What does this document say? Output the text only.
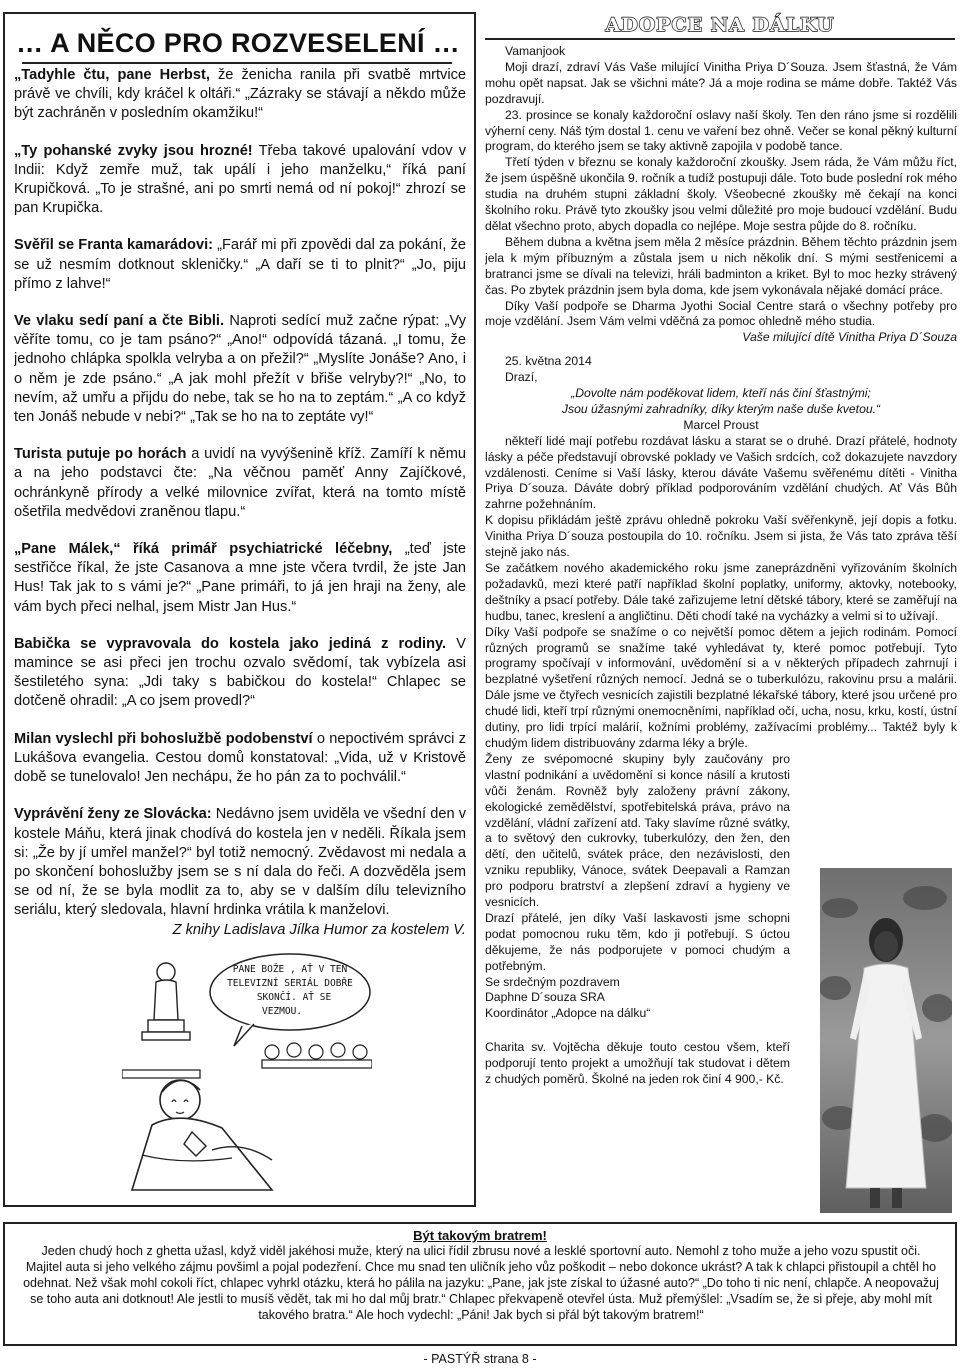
… A NĚCO PRO ROZVESELENÍ …

„Tadyhle čtu, pane Herbst, že ženicha ranila při svatbě mrtvice právě ve chvíli, kdy kráčel k oltáři.“ „Zázraky se stávají a někdo může být zachráněn v posledním okamžiku!“

„Ty pohanské zvyky jsou hrozné! Třeba takové upalování vdov v Indii: Když zemře muž, tak upálí i jeho manželku,“ říká paní Krupičková. „To je strašné, ani po smrti nemá od ní pokoj!“ zhrozí se pan Krupička.

Svěřil se Franta kamarádovi: „Farář mi při zpovědi dal za pokání, že se už nesmím dotknout skleničky.“ „A daří se ti to plnit?“ „Jo, piju přímo z lahve!“

Ve vlaku sedí paní a čte Bibli. Naproti sedící muž začne rýpat: „Vy věříte tomu, co je tam psáno?“ „Ano!“ odpovídá tázaná. „I tomu, že jednoho chlápka spolkla velryba a on přežil?“ „Myslíte Jonáše? Ano, i o něm je zde psáno.“ „A jak mohl přežít v břiše velryby?!“ „No, to nevím, až umřu a přijdu do nebe, tak se ho na to zeptám.“ „A co když ten Jonáš nebude v nebi?“ „Tak se ho na to zeptáte vy!“

Turista putuje po horách a uvidí na vyvýšenině kříž. Zamíří k němu a na jeho podstavci čte: „Na věčnou paměť Anny Zajíčkové, ochránkyně přírody a velké milovnice zvířat, která na tomto místě ošetřila medvědovi zraněnou tlapu.“

„Pane Málek,“ říká primář psychiatrické léčebny, „teď jste sestřičce říkal, že jste Casanova a mne jste včera tvrdil, že jste Jan Hus! Tak jak to s vámi je?“ „Pane primáři, to já jen hraji na ženy, ale vám bych přeci nelhal, jsem Mistr Jan Hus.“

Babička se vypravovala do kostela jako jediná z rodiny. V mamince se asi přeci jen trochu ozvalo svědomí, tak vybízela asi šestiletého syna: „Jdi taky s babičkou do kostela!“ Chlapec se dotčeně ohradil: „A co jsem provedl?“

Milan vyslechl při bohoslužbě podobenství o nepoctivém správci z Lukášova evangelia. Cestou domů konstatoval: „Vida, už v Kristově době se tunelovalo! Jen nechápu, že ho pán za to pochválil.“

Vyprávění ženy ze Slovácka: Nedávno jsem uviděla ve všední den v kostele Máňu, která jinak chodívá do kostela jen v neděli. Říkala jsem si: „Že by jí umřel manžel?“ byl totiž nemocný. Zvědavost mi nedala a po skončení bohoslužby jsem se s ní dala do řeči. A dozvěděla jsem se od ní, že se byla modlit za to, aby se v dalším dílu televizního seriálu, který sledovala, hlavní hrdinka vrátila k manželovi.

Z knihy Ladislava Jílka Humor za kostelem V.

PANE BOŽE , AŤ V TEN
TELEVIZNÍ SERIÁL DOBŘE
SKONČÍ. AŤ SE
VEZMOU.
ADOPCE NA DÁLKU

Vamanjook

Moji drazí, zdraví Vás Vaše milující Vinitha Priya D´Souza. Jsem šťastná, že Vám mohu opět napsat. Jak se všichni máte? Já a moje rodina se máme dobře. Taktéž Vás pozdravují.

23. prosince se konaly každoroční oslavy naší školy. Ten den ráno jsme si rozdělili výherní ceny. Náš tým dostal 1. cenu ve vaření bez ohně. Večer se konal pěkný kulturní program, do kterého jsem se taky aktivně zapojila v podobě tance.

Třetí týden v březnu se konaly každoroční zkoušky. Jsem ráda, že Vám můžu říct, že jsem úspěšně ukončila 9. ročník a tudíž postupuji dále. Toto bude poslední rok mého studia na druhém stupni základní školy. Všeobecné zkoušky mě čekají na konci školního roku. Právě tyto zkoušky jsou velmi důležité pro moje budoucí vzdělání. Budu dělat všechno proto, abych dopadla co nejlépe. Moje sestra půjde do 8. ročníku.

Během dubna a května jsem měla 2 měsíce prázdnin. Během těchto prázdnin jsem jela k mým příbuzným a zůstala jsem u nich několik dní. S mými sestřenicemi a bratranci jsme se dívali na televizi, hráli badminton a kriket. Byl to moc hezky strávený čas. Po zbytek prázdnin jsem byla doma, kde jsem vykonávala nějaké domácí práce.

Díky Vaší podpoře se Dharma Jyothi Social Centre stará o všechny potřeby pro moje vzdělání. Jsem Vám velmi vděčná za pomoc ohledně mého studia.

Vaše milující dítě Vinitha Priya D´Souza

25. května 2014

Drazí,

„Dovolte nám poděkovat lidem, kteří nás činí šťastnými;

Jsou úžasnými zahradníky, díky kterým naše duše kvetou.“

Marcel Proust

někteří lidé mají potřebu rozdávat lásku a starat se o druhé. Drazí přátelé, hodnoty lásky a péče představují obrovské poklady ve Vašich srdcích, což dokazujete navzdory vzdálenosti. Ceníme si Vaší lásky, kterou dáváte Vašemu svěřenému dítěti - Vinitha Priya D´souza. Dáváte dobrý příklad podporováním vzdělání chudých. Ať Vás Bůh zahrne požehnáním.

K dopisu přikládám ještě zprávu ohledně pokroku Vaší svěřenkyně, její dopis a fotku. Vinitha Priya D´souza postoupila do 10. ročníku. Jsem si jista, že Vás tato zpráva těší stejně jako nás.

Se začátkem nového akademického roku jsme zaneprázdněni vyřizováním školních požadavků, mezi které patří například školní poplatky, uniformy, aktovky, notebooky, deštníky a psací potřeby. Dále také zařizujeme letní dětské tábory, které se zaměřují na hudbu, tanec, kreslení a angličtinu. Děti chodí také na vycházky a velmi si to užívají.

Díky Vaší podpoře se snažíme o co největší pomoc dětem a jejich rodinám. Pomocí různých programů se snažíme také vyhledávat ty, které pomoc potřebují. Tyto programy spočívají v informování, uvědomění si a v některých případech zahrnují i bezplatné vyšetření různých nemocí. Jedná se o tuberkulózu, rakovinu prsu a malárii. Dále jsme ve čtyřech vesnicích zajistili bezplatné lékařské tábory, které jsou určené pro chudé lidi, kteří trpí různými onemocněními, například očí, ucha, nosu, krku, kostí, ústní dutiny, pro lidi trpící malárií, kožními problémy, zažívacími problémy... Taktéž byly k chudým lidem distribuovány zdarma léky a brýle.

Ženy ze svépomocné skupiny byly zaučovány pro vlastní podnikání a uvědomění si konce násilí a krutosti vůči ženám. Rovněž byly založeny právní zákony, ekologické zemědělství, spotřebitelská práva, právo na vzdělání, vládní zařízení atd. Taky slavíme různé svátky, a to světový den cukrovky, tuberkulózy, den žen, den dětí, den učitelů, svátek práce, den nezávislosti, den vzniku republiky, Vánoce, svátek Deepavali a Ramzan pro podporu bratrství a zlepšení zdraví a hygieny ve vesnicích.

Drazí přátelé, jen díky Vaší laskavosti jsme schopni podat pomocnou ruku těm, kdo ji potřebují. S úctou děkujeme, že nás podporujete v pomoci chudým a potřebným.

Se srdečným pozdravem

Daphne D´souza SRA

Koordinátor „Adopce na dálku“

Charita sv. Vojtěcha děkuje touto cestou všem, kteří podporují tento projekt a umožňují tak studovat i dětem z chudých poměrů. Školné na jeden rok činí 4 900,- Kč.

Být takovým bratrem!
Jeden chudý hoch z ghetta užasl, když viděl jakéhosi muže, který na ulici řídil zbrusu nové a lesklé sportovní auto. Nemohl z toho muže a jeho vozu spustit oči. Majitel auta si jeho velkého zájmu povšiml a pojal podezření. Chce mu snad ten uličník jeho vůz poškodit – nebo dokonce ukrást? A tak k chlapci přistoupil a chtěl ho odehnat. Než však mohl cokoli říct, chlapec vyhrkl otázku, která ho pálila na jazyku: „Pane, jak jste získal to úžasné auto?“ „Do toho ti nic není, chlapče. A neopovažuj se toho auta ani dotknout! Ale jestli to musíš vědět, tak mi ho dal můj bratr.“ Chlapec překvapeně otevřel ústa. Muž přemýšlel: „Vsadím se, že si přeje, aby mohl mít takového bratra.“ Ale hoch vydechl: „Páni! Jak bych si přál být takovým bratrem!“
- PASTÝŘ strana 8 -
